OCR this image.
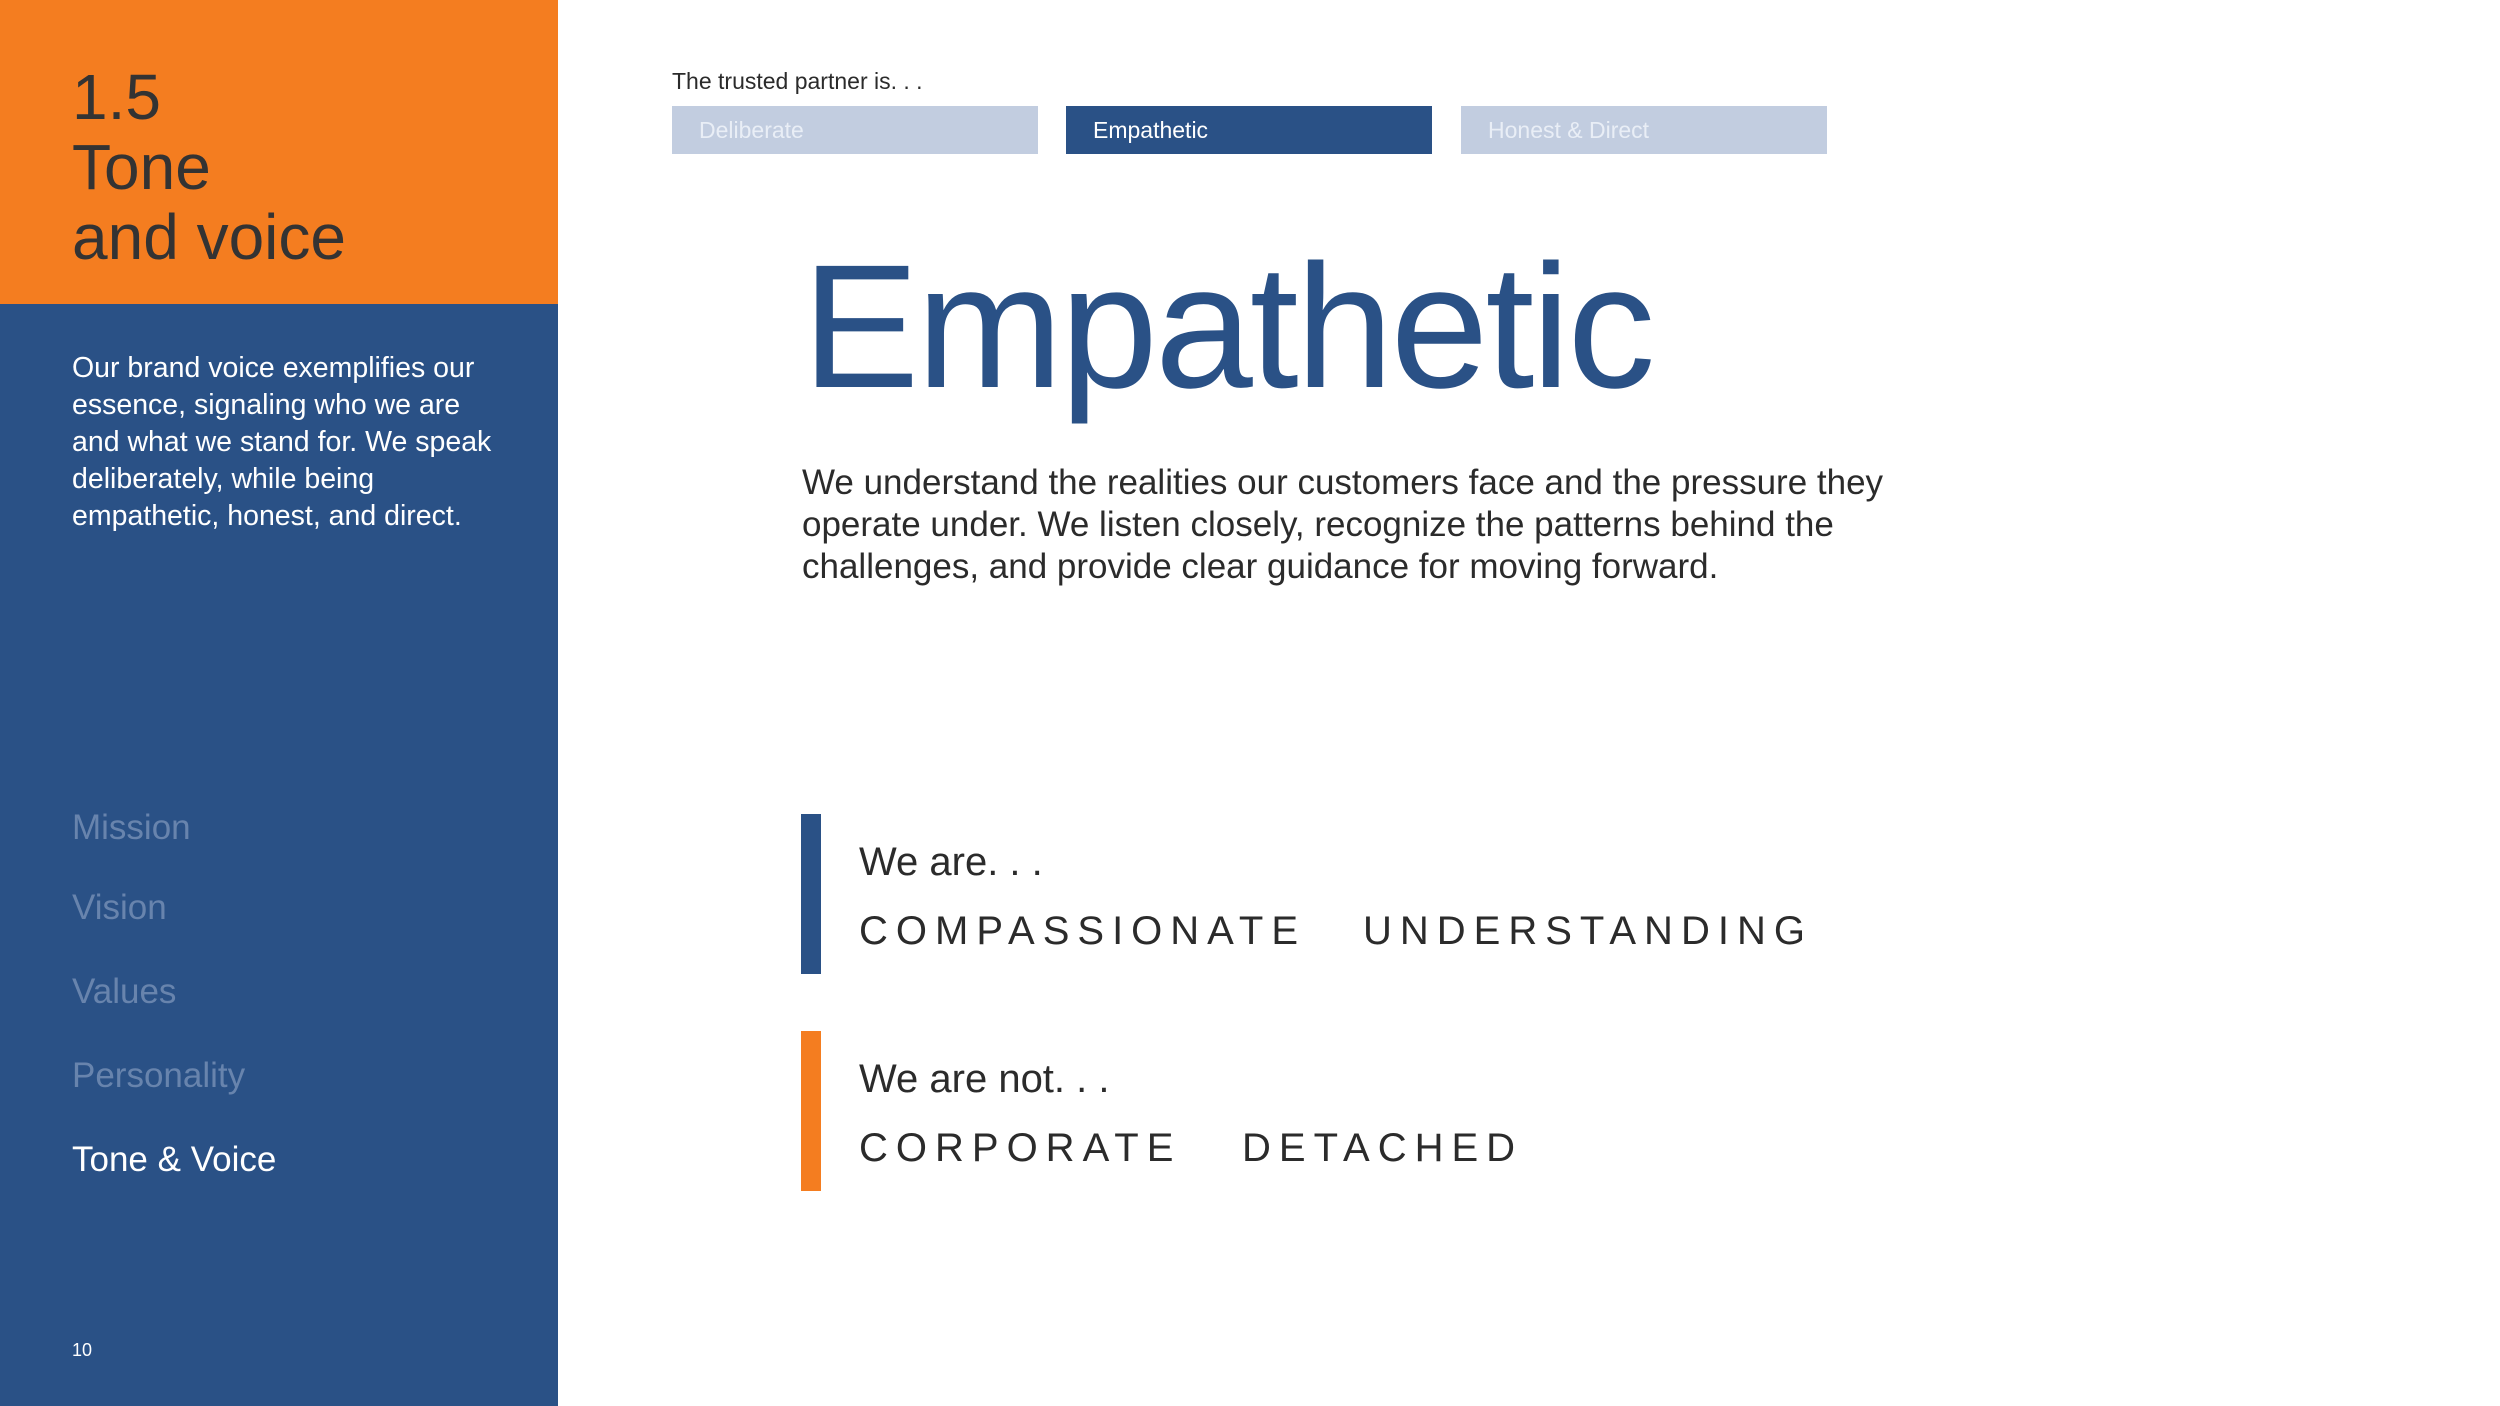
1.5
Tone
and voice
Our brand voice exemplifies our essence, signaling who we are and what we stand for. We speak deliberately, while being empathetic, honest, and direct.
Mission
Vision
Values
Personality
Tone & Voice
10
The trusted partner is. . .
Deliberate	Empathetic	Honest & Direct
Empathetic
We understand the realities our customers face and the pressure they operate under. We listen closely, recognize the patterns behind the challenges, and provide clear guidance for moving forward.
We are. . .
COMPASSIONATE UNDERSTANDING
We are not. . .
CORPORATE DETACHED
